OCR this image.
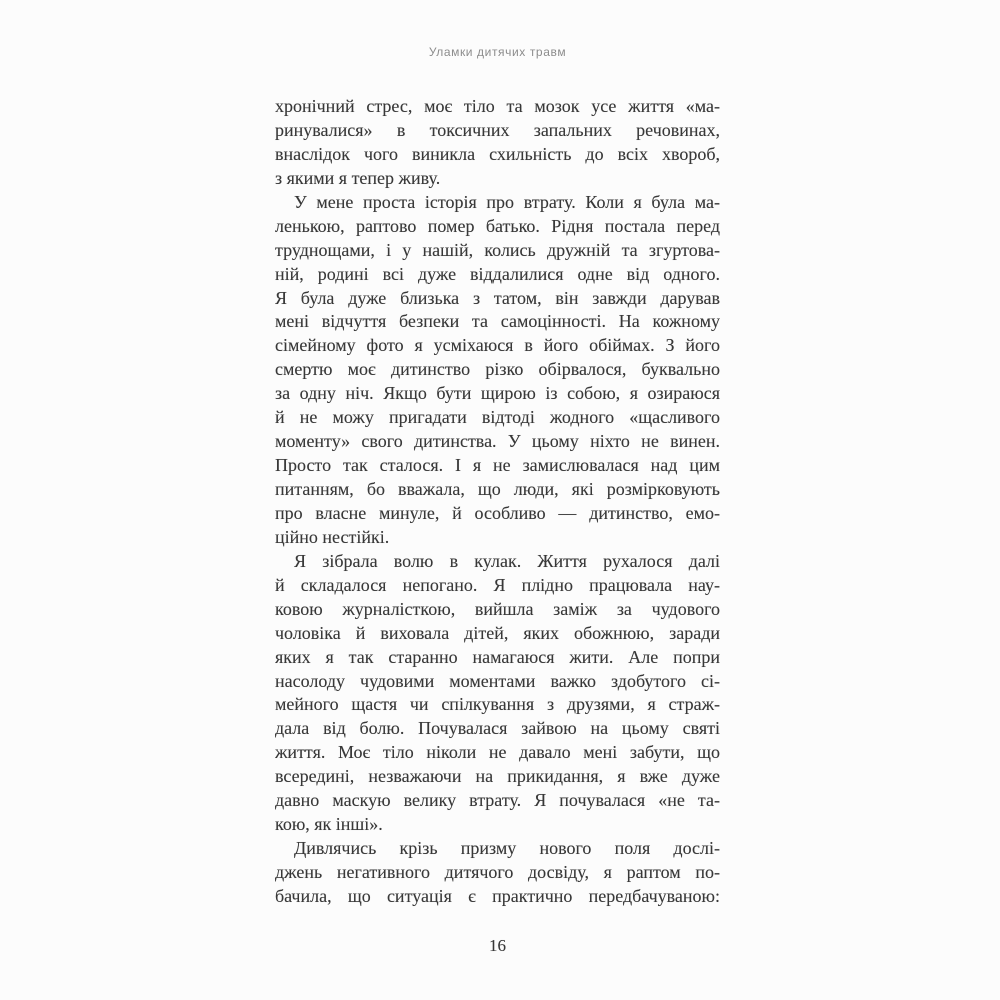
Уламки дитячих травм
хронічний стрес, моє тіло та мозок усе життя «ма-
ринувалися» в токсичних запальних речовинах,
внаслідок чого виникла схильність до всіх хвороб,
з якими я тепер живу.
У мене проста історія про втрату. Коли я була ма-
ленькою, раптово помер батько. Рідня постала перед
труднощами, і у нашій, колись дружній та згуртова-
ній, родині всі дуже віддалилися одне від одного.
Я була дуже близька з татом, він завжди дарував
мені відчуття безпеки та самоцінності. На кожному
сімейному фото я усміхаюся в його обіймах. З його
смертю моє дитинство різко обірвалося, буквально
за одну ніч. Якщо бути щирою із собою, я озираюся
й не можу пригадати відтоді жодного «щасливого
моменту» свого дитинства. У цьому ніхто не винен.
Просто так сталося. І я не замислювалася над цим
питанням, бо вважала, що люди, які розмірковують
про власне минуле, й особливо — дитинство, емо-
ційно нестійкі.
Я зібрала волю в кулак. Життя рухалося далі
й складалося непогано. Я плідно працювала нау-
ковою журналісткою, вийшла заміж за чудового
чоловіка й виховала дітей, яких обожнюю, заради
яких я так старанно намагаюся жити. Але попри
насолоду чудовими моментами важко здобутого сі-
мейного щастя чи спілкування з друзями, я страж-
дала від болю. Почувалася зайвою на цьому святі
життя. Моє тіло ніколи не давало мені забути, що
всередині, незважаючи на прикидання, я вже дуже
давно маскую велику втрату. Я почувалася «не та-
кою, як інші».
Дивлячись крізь призму нового поля дослі-
джень негативного дитячого досвіду, я раптом по-
бачила, що ситуація є практично передбачуваною:
16
